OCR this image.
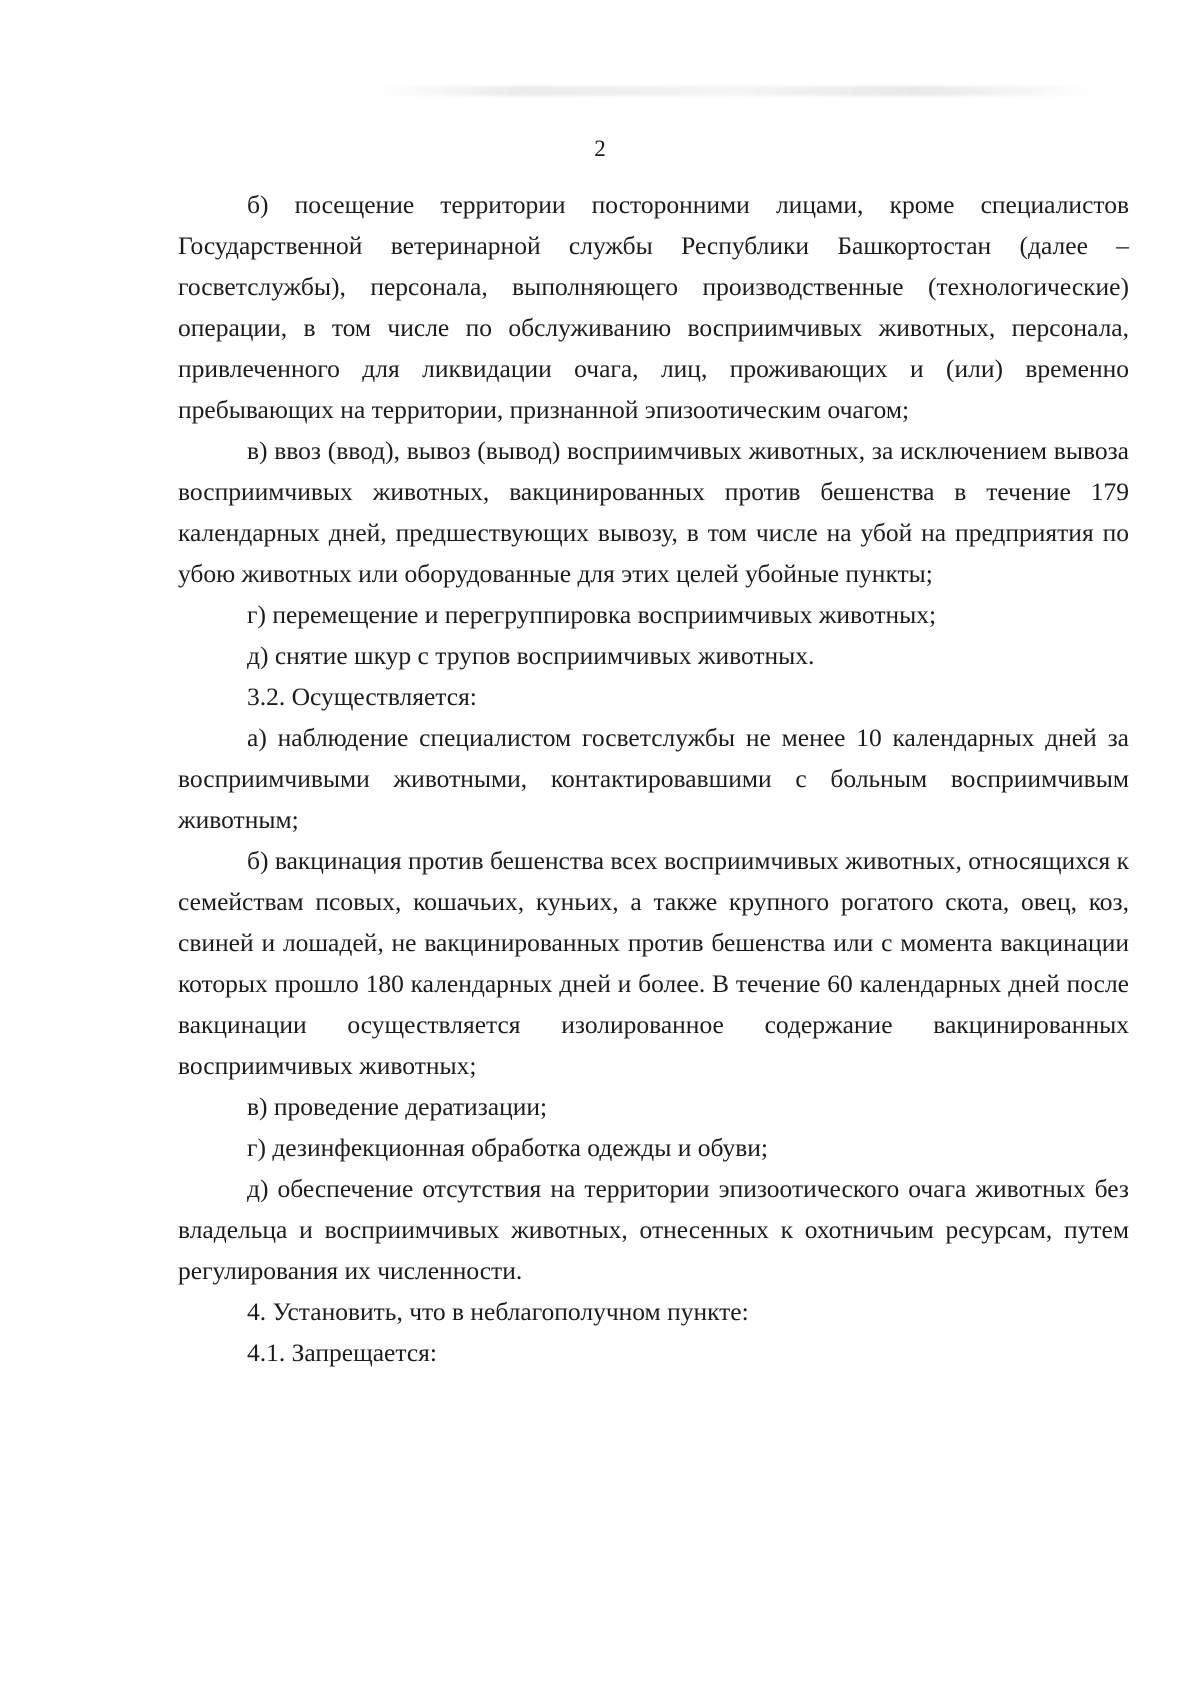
2

б) посещение территории посторонними лицами, кроме специалистов Государственной ветеринарной службы Республики Башкортостан (далее – госветслужбы), персонала, выполняющего производственные (технологические) операции, в том числе по обслуживанию восприимчивых животных, персонала, привлеченного для ликвидации очага, лиц, проживающих и (или) временно пребывающих на территории, признанной эпизоотическим очагом;

в) ввоз (ввод), вывоз (вывод) восприимчивых животных, за исключением вывоза восприимчивых животных, вакцинированных против бешенства в течение 179 календарных дней, предшествующих вывозу, в том числе на убой на предприятия по убою животных или оборудованные для этих целей убойные пункты;

г) перемещение и перегруппировка восприимчивых животных;

д) снятие шкур с трупов восприимчивых животных.

3.2. Осуществляется:

а) наблюдение специалистом госветслужбы не менее 10 календарных дней за восприимчивыми животными, контактировавшими с больным восприимчивым животным;

б) вакцинация против бешенства всех восприимчивых животных, относящихся к семействам псовых, кошачьих, куньих, а также крупного рогатого скота, овец, коз, свиней и лошадей, не вакцинированных против бешенства или с момента вакцинации которых прошло 180 календарных дней и более. В течение 60 календарных дней после вакцинации осуществляется изолированное содержание вакцинированных восприимчивых животных;

в) проведение дератизации;

г) дезинфекционная обработка одежды и обуви;

д) обеспечение отсутствия на территории эпизоотического очага животных без владельца и восприимчивых животных, отнесенных к охотничьим ресурсам, путем регулирования их численности.

4. Установить, что в неблагополучном пункте:

4.1. Запрещается:
